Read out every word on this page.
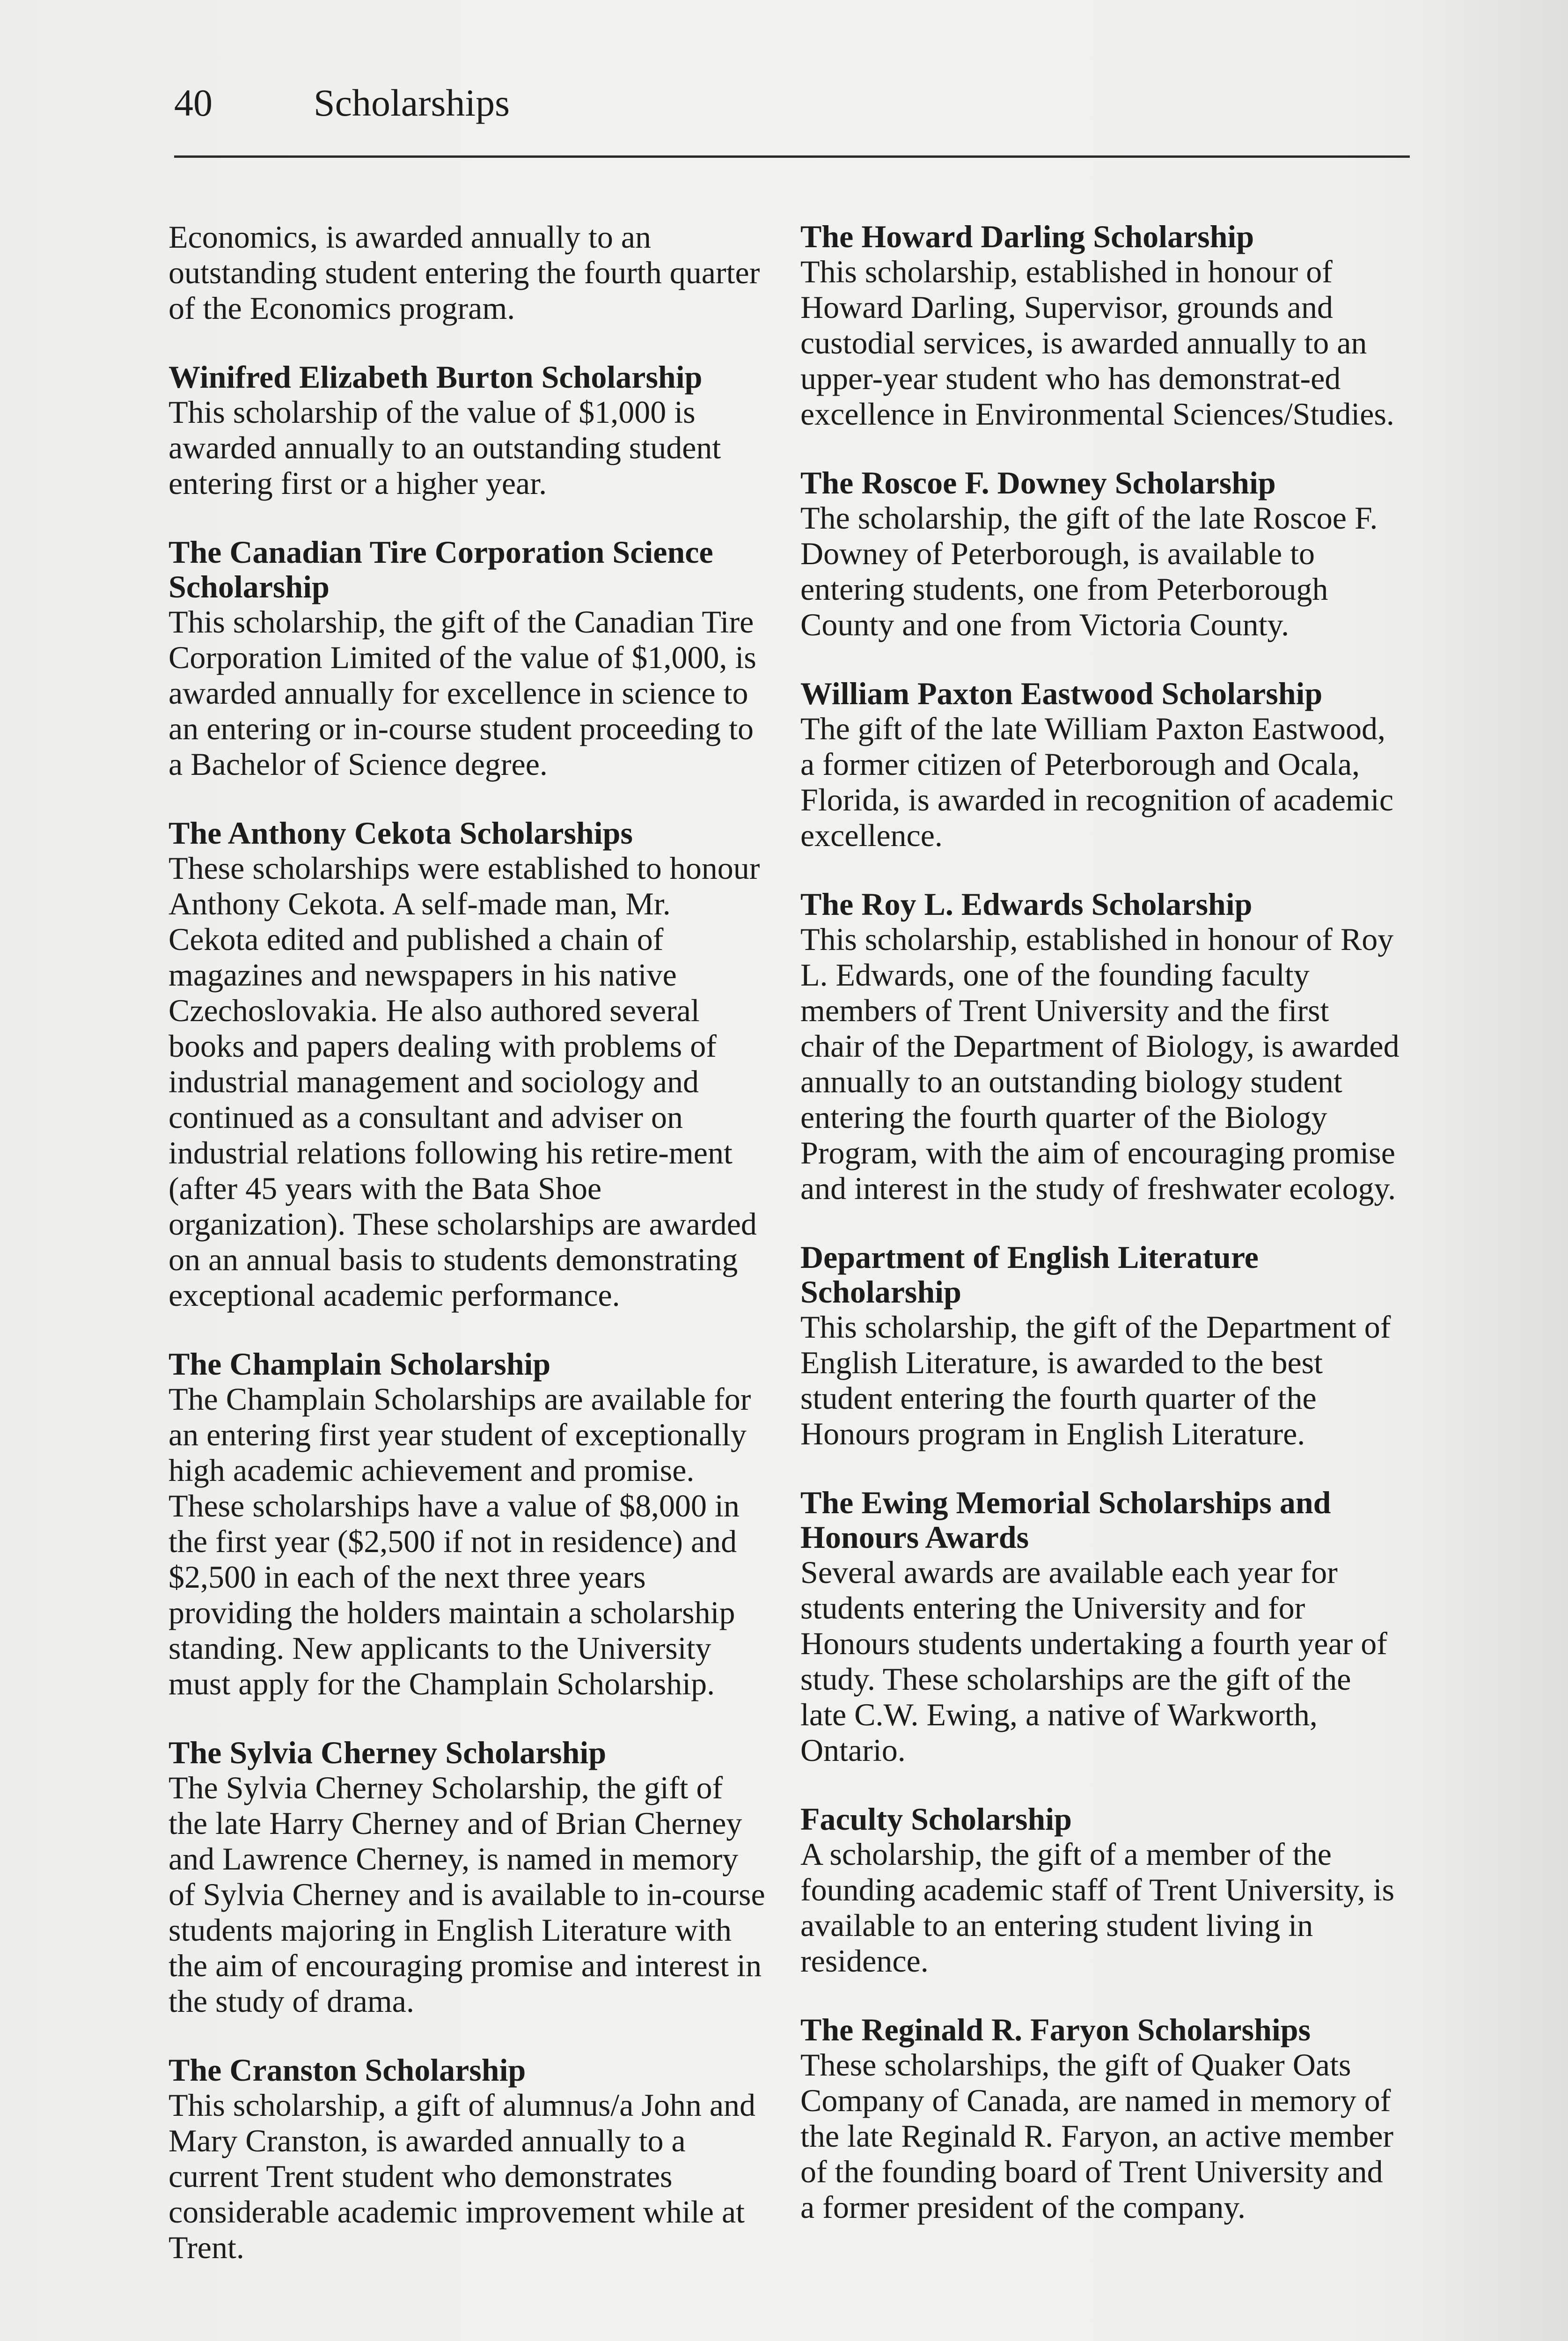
40	Scholarships

Economics, is awarded annually to an outstanding student entering the fourth quarter of the Economics program.

Winifred Elizabeth Burton Scholarship

This scholarship of the value of $1,000 is awarded annually to an outstanding student entering first or a higher year.

The Canadian Tire Corporation Science Scholarship

This scholarship, the gift of the Canadian Tire Corporation Limited of the value of $1,000, is awarded annually for excellence in science to an entering or in-course student proceeding to a Bachelor of Science degree.

The Anthony Cekota Scholarships

These scholarships were established to honour Anthony Cekota. A self-made man, Mr. Cekota edited and published a chain of magazines and newspapers in his native Czechoslovakia. He also authored several books and papers dealing with problems of industrial management and sociology and continued as a consultant and adviser on industrial relations following his retire-ment (after 45 years with the Bata Shoe organization). These scholarships are awarded on an annual basis to students demonstrating exceptional academic performance.

The Champlain Scholarship

The Champlain Scholarships are available for an entering first year student of exceptionally high academic achievement and promise. These scholarships have a value of $8,000 in the first year ($2,500 if not in residence) and $2,500 in each of the next three years providing the holders maintain a scholarship standing. New applicants to the University must apply for the Champlain Scholarship.

The Sylvia Cherney Scholarship

The Sylvia Cherney Scholarship, the gift of the late Harry Cherney and of Brian Cherney and Lawrence Cherney, is named in memory of Sylvia Cherney and is available to in-course students majoring in English Literature with the aim of encouraging promise and interest in the study of drama.

The Cranston Scholarship

This scholarship, a gift of alumnus/a John and Mary Cranston, is awarded annually to a current Trent student who demonstrates considerable academic improvement while at Trent.

The Howard Darling Scholarship

This scholarship, established in honour of Howard Darling, Supervisor, grounds and custodial services, is awarded annually to an upper-year student who has demonstrat-ed excellence in Environmental Sciences/Studies.

The Roscoe F. Downey Scholarship

The scholarship, the gift of the late Roscoe F. Downey of Peterborough, is available to entering students, one from Peterborough County and one from Victoria County.

William Paxton Eastwood Scholarship

The gift of the late William Paxton Eastwood, a former citizen of Peterborough and Ocala, Florida, is awarded in recognition of academic excellence.

The Roy L. Edwards Scholarship

This scholarship, established in honour of Roy L. Edwards, one of the founding faculty members of Trent University and the first chair of the Department of Biology, is awarded annually to an outstanding biology student entering the fourth quarter of the Biology Program, with the aim of encouraging promise and interest in the study of freshwater ecology.

Department of English Literature Scholarship

This scholarship, the gift of the Department of English Literature, is awarded to the best student entering the fourth quarter of the Honours program in English Literature.

The Ewing Memorial Scholarships and Honours Awards

Several awards are available each year for students entering the University and for Honours students undertaking a fourth year of study. These scholarships are the gift of the late C.W. Ewing, a native of Warkworth, Ontario.

Faculty Scholarship

A scholarship, the gift of a member of the founding academic staff of Trent University, is available to an entering student living in residence.

The Reginald R. Faryon Scholarships

These scholarships, the gift of Quaker Oats Company of Canada, are named in memory of the late Reginald R. Faryon, an active member of the founding board of Trent University and a former president of the company.
